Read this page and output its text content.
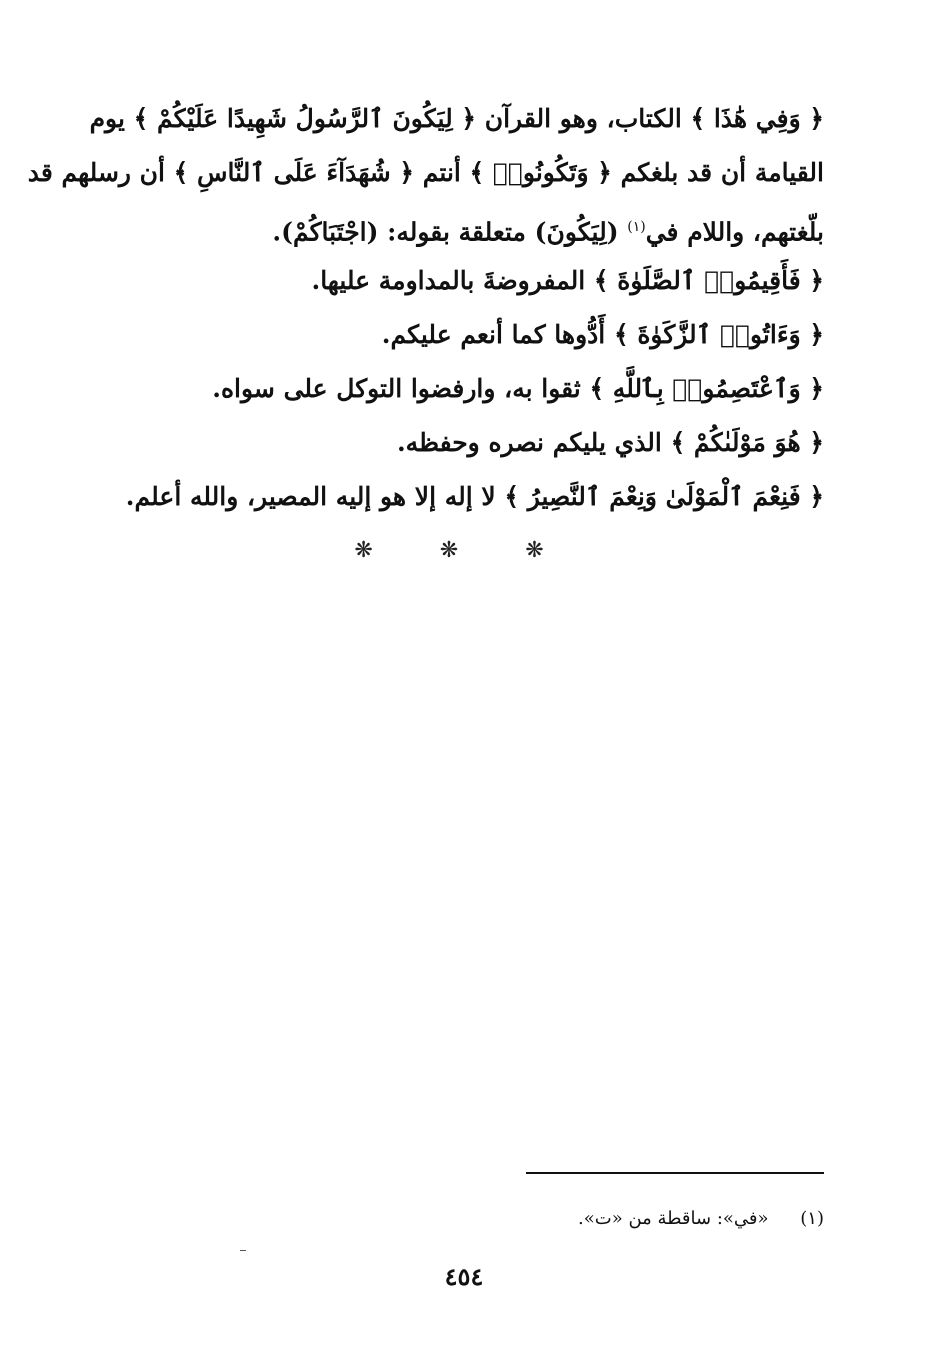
﴿ وَفِي هَٰذَا ﴾ الكتاب، وهو القرآن ﴿ لِيَكُونَ ٱلرَّسُولُ شَهِيدًا عَلَيْكُمْ ﴾ يوم
القيامة أن قد بلغكم ﴿ وَتَكُونُوا۟ ﴾ أنتم ﴿ شُهَدَآءَ عَلَى ٱلنَّاسِ ﴾ أن رسلهم قد
بلّغتهم، واللام في$^{(١)}$ (لِيَكُونَ) متعلقة بقوله: (اجْتَبَاكُمْ).
﴿ فَأَقِيمُوا۟ ٱلصَّلَوٰةَ ﴾ المفروضةَ بالمداومة عليها.
﴿ وَءَاتُوا۟ ٱلزَّكَوٰةَ ﴾ أَدُّوها كما أنعم عليكم.
﴿ وَٱعْتَصِمُوا۟ بِٱللَّهِ ﴾ ثقوا به، وارفضوا التوكل على سواه.
﴿ هُوَ مَوْلَىٰكُمْ ﴾ الذي يليكم نصره وحفظه.
﴿ فَنِعْمَ ٱلْمَوْلَىٰ وَنِعْمَ ٱلنَّصِيرُ ﴾ لا إله إلا هو إليه المصير، والله أعلم.
❋ ❋ ❋
(١) «في»: ساقطة من «ت».
٤٥٤
